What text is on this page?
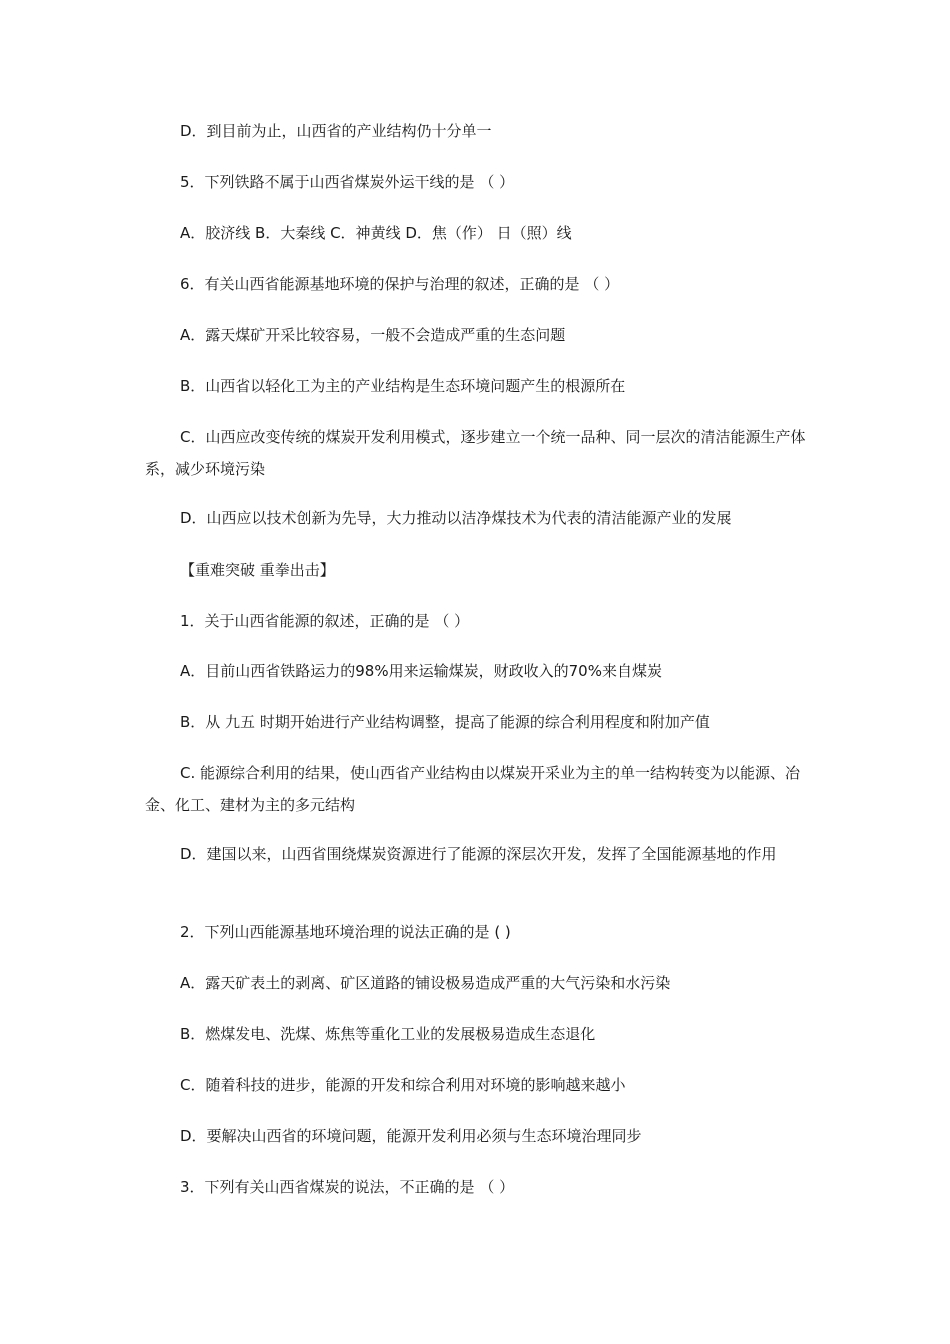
D．到目前为止，山西省的产业结构仍十分单一
5．下列铁路不属于山西省煤炭外运干线的是 （ ）
A．胶济线 B．大秦线 C．神黄线 D．焦（作） 日（照）线
6．有关山西省能源基地环境的保护与治理的叙述，正确的是 （ ）
A．露天煤矿开采比较容易，一般不会造成严重的生态问题
B．山西省以轻化工为主的产业结构是生态环境问题产生的根源所在
C．山西应改变传统的煤炭开发利用模式，逐步建立一个统一品种、同一层次的清洁能源生产体系，减少环境污染
D．山西应以技术创新为先导，大力推动以洁净煤技术为代表的清洁能源产业的发展
【重难突破 重拳出击】
1．关于山西省能源的叙述，正确的是 （ ）
A．目前山西省铁路运力的98%用来运输煤炭，财政收入的70%来自煤炭
B．从 九五 时期开始进行产业结构调整，提高了能源的综合利用程度和附加产值
C. 能源综合利用的结果，使山西省产业结构由以煤炭开采业为主的单一结构转变为以能源、冶金、化工、建材为主的多元结构
D．建国以来，山西省围绕煤炭资源进行了能源的深层次开发，发挥了全国能源基地的作用
2．下列山西能源基地环境治理的说法正确的是 ( )
A．露天矿表土的剥离、矿区道路的铺设极易造成严重的大气污染和水污染
B．燃煤发电、洗煤、炼焦等重化工业的发展极易造成生态退化
C．随着科技的进步，能源的开发和综合利用对环境的影响越来越小
D．要解决山西省的环境问题，能源开发利用必须与生态环境治理同步
3．下列有关山西省煤炭的说法，不正确的是 （ ）
